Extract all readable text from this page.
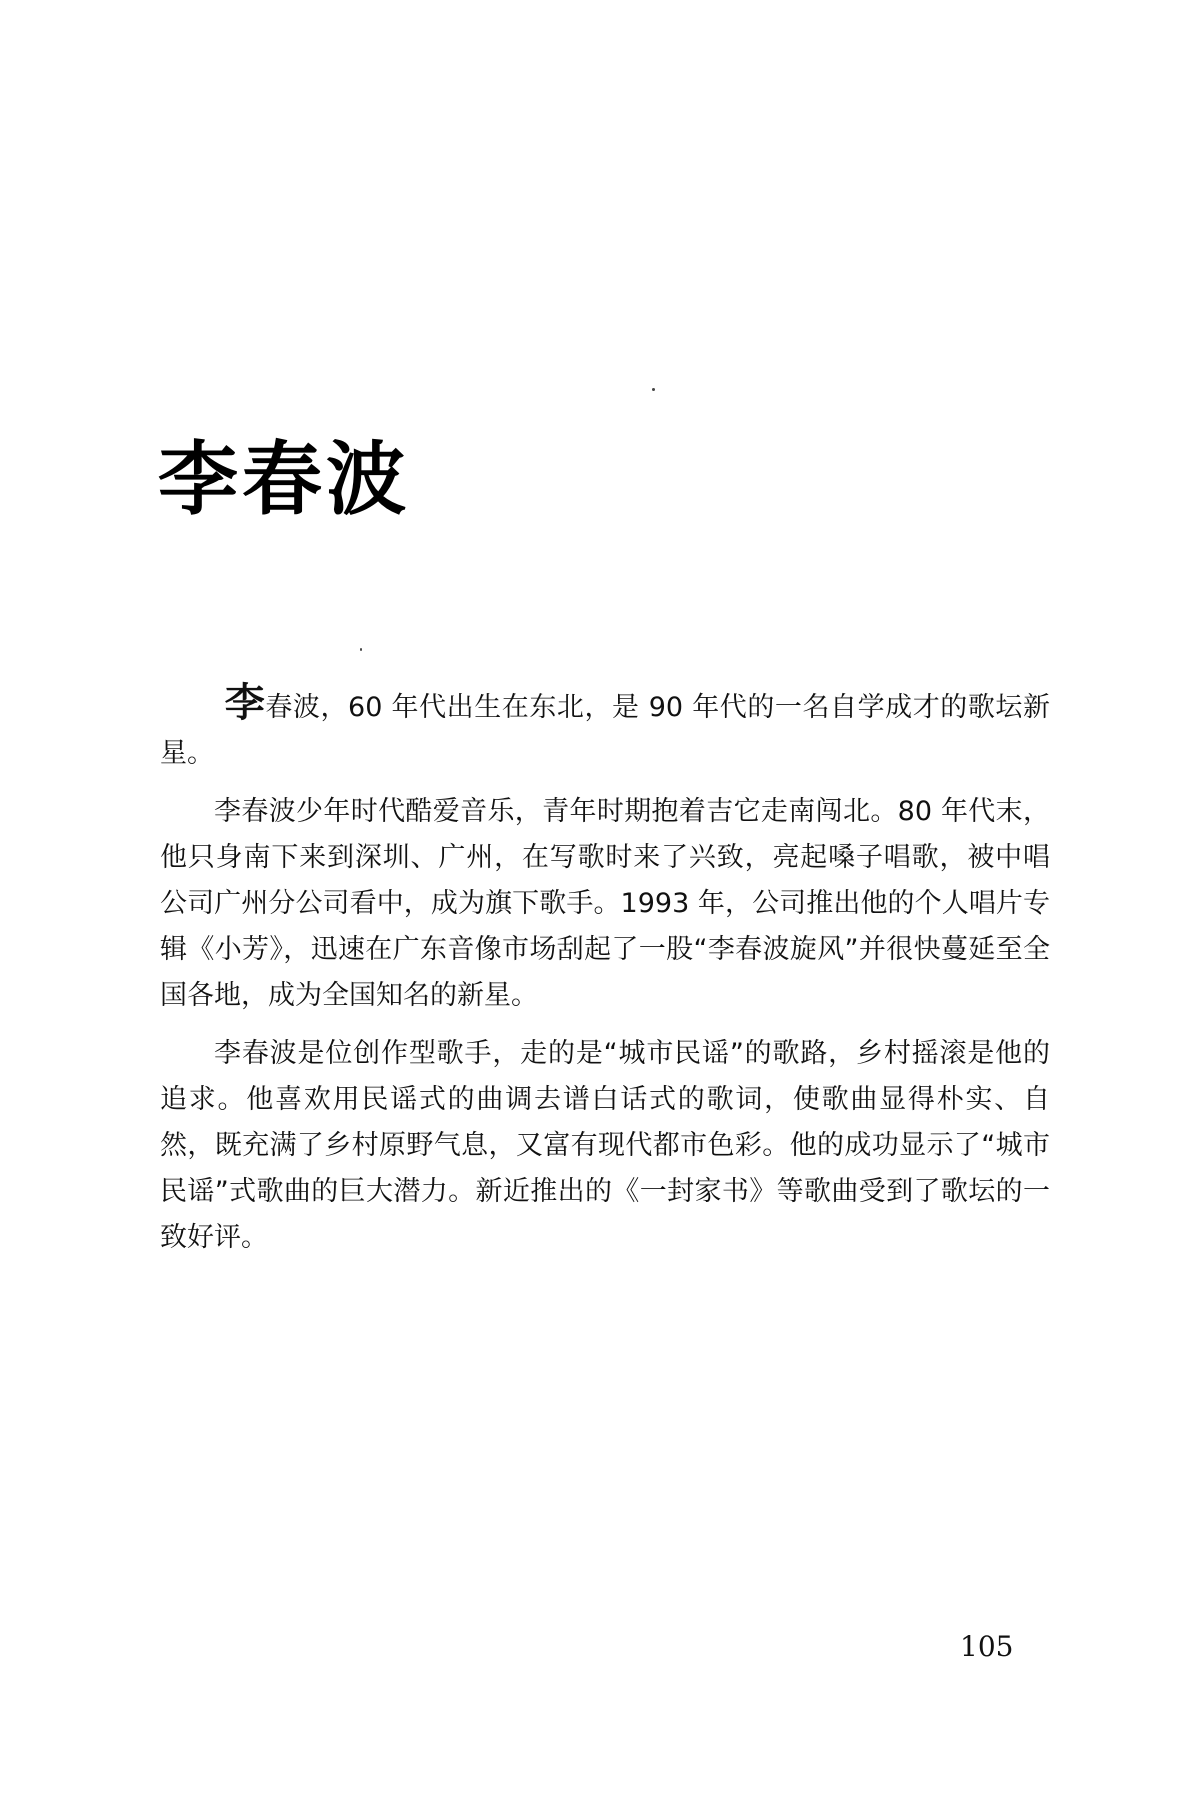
李春波

李春波，60 年代出生在东北，是 90 年代的一名自学成才的歌坛新星。

李春波少年时代酷爱音乐，青年时期抱着吉它走南闯北。80 年代末，他只身南下来到深圳、广州，在写歌时来了兴致，亮起嗓子唱歌，被中唱公司广州分公司看中，成为旗下歌手。1993 年，公司推出他的个人唱片专辑《小芳》，迅速在广东音像市场刮起了一股“李春波旋风”并很快蔓延至全国各地，成为全国知名的新星。

李春波是位创作型歌手，走的是“城市民谣”的歌路，乡村摇滚是他的追求。他喜欢用民谣式的曲调去谱白话式的歌词，使歌曲显得朴实、自然，既充满了乡村原野气息，又富有现代都市色彩。他的成功显示了“城市民谣”式歌曲的巨大潜力。新近推出的《一封家书》等歌曲受到了歌坛的一致好评。

105
